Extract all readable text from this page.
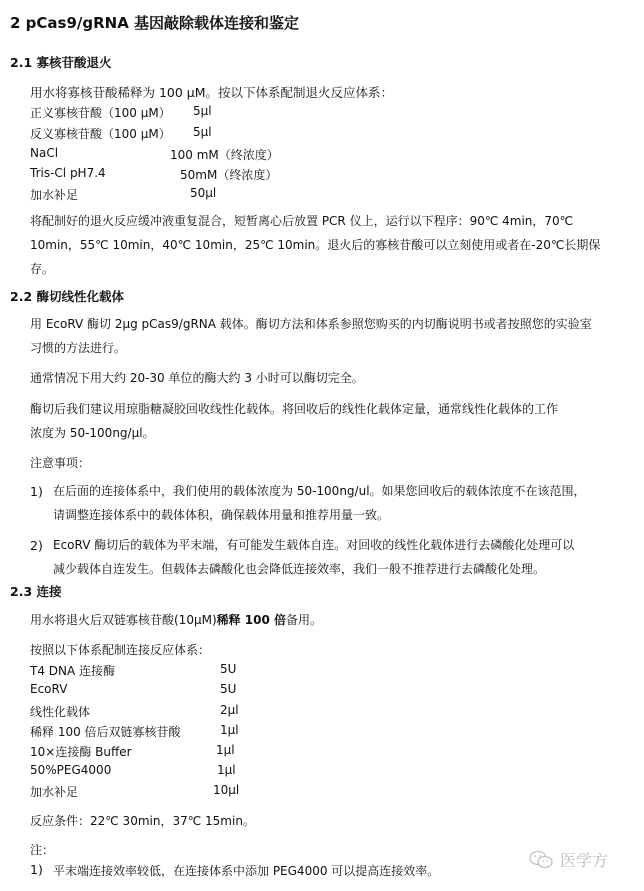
2 pCas9/gRNA 基因敲除载体连接和鉴定
2.1 寡核苷酸退火
用水将寡核苷酸稀释为 100 µM。按以下体系配制退火反应体系：
正义寡核苷酸（100 µM） 5µl
反义寡核苷酸（100 µM） 5µl
NaCl	100 mM（终浓度）
Tris-Cl pH7.4	50mM（终浓度）
加水补足	50µl
将配制好的退火反应缓冲液重复混合，短暂离心后放置 PCR 仪上，运行以下程序：90℃ 4min，70℃
10min，55℃ 10min，40℃ 10min，25℃ 10min。退火后的寡核苷酸可以立刻使用或者在-20℃长期保
存。
2.2 酶切线性化载体
用 EcoRV 酶切 2µg pCas9/gRNA 载体。酶切方法和体系参照您购买的内切酶说明书或者按照您的实验室
习惯的方法进行。
通常情况下用大约 20-30 单位的酶大约 3 小时可以酶切完全。
酶切后我们建议用琼脂糖凝胶回收线性化载体。将回收后的线性化载体定量，通常线性化载体的工作
浓度为 50-100ng/µl。
注意事项：
1) 在后面的连接体系中，我们使用的载体浓度为 50-100ng/ul。如果您回收后的载体浓度不在该范围，
请调整连接体系中的载体体积，确保载体用量和推荐用量一致。
2) EcoRV 酶切后的载体为平末端，有可能发生载体自连。对回收的线性化载体进行去磷酸化处理可以
减少载体自连发生。但载体去磷酸化也会降低连接效率，我们一般不推荐进行去磷酸化处理。
2.3 连接
用水将退火后双链寡核苷酸(10µM)稀释 100 倍备用。
按照以下体系配制连接反应体系：
T4 DNA 连接酶	5U
EcoRV	5U
线性化载体	2µl
稀释 100 倍后双链寡核苷酸	1µl
10×连接酶 Buffer	1µl
50%PEG4000	1µl
加水补足	10µl
反应条件：22℃ 30min，37℃ 15min。
注：
1) 平末端连接效率较低，在连接体系中添加 PEG4000 可以提高连接效率。
医学方
